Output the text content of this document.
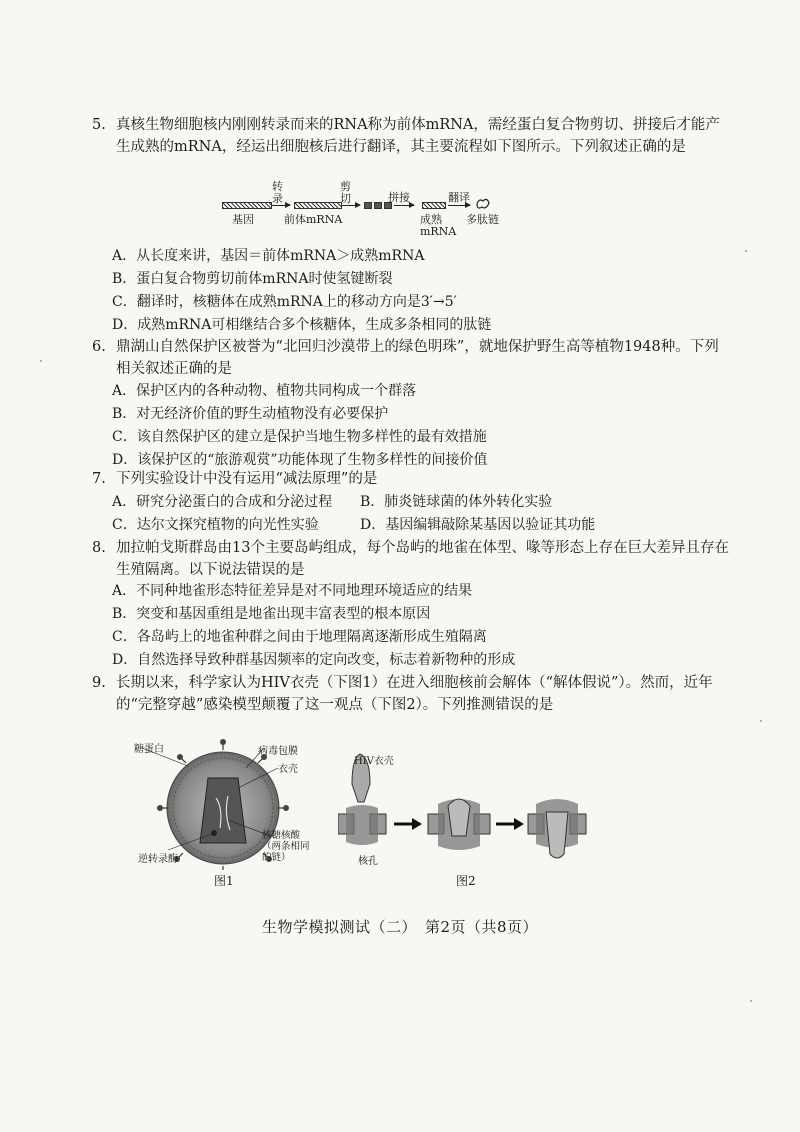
5. 真核生物细胞核内刚刚转录而来的RNA称为前体mRNA，需经蛋白复合物剪切、拼接后才能产生成熟的mRNA，经运出细胞核后进行翻译，其主要流程如下图所示。下列叙述正确的是
基因
转录
前体mRNA
剪切	拼接
成熟mRNA
翻译
多肽链
A．从长度来讲，基因＝前体mRNA＞成熟mRNA
B．蛋白复合物剪切前体mRNA时使氢键断裂
C．翻译时，核糖体在成熟mRNA上的移动方向是3′→5′
D．成熟mRNA可相继结合多个核糖体，生成多条相同的肽链
6. 鼎湖山自然保护区被誉为“北回归沙漠带上的绿色明珠”，就地保护野生高等植物1948种。下列相关叙述正确的是
A．保护区内的各种动物、植物共同构成一个群落
B．对无经济价值的野生动植物没有必要保护
C．该自然保护区的建立是保护当地生物多样性的最有效措施
D．该保护区的“旅游观赏”功能体现了生物多样性的间接价值
7. 下列实验设计中没有运用“减法原理”的是
A．研究分泌蛋白的合成和分泌过程 B．肺炎链球菌的体外转化实验
C．达尔文探究植物的向光性实验	D．基因编辑敲除某基因以验证其功能
8. 加拉帕戈斯群岛由13个主要岛屿组成，每个岛屿的地雀在体型、喙等形态上存在巨大差异且存在生殖隔离。以下说法错误的是
A．不同种地雀形态特征差异是对不同地理环境适应的结果
B．突变和基因重组是地雀出现丰富表型的根本原因
C．各岛屿上的地雀种群之间由于地理隔离逐渐形成生殖隔离
D．自然选择导致种群基因频率的定向改变，标志着新物种的形成
9. 长期以来，科学家认为HIV衣壳（下图1）在进入细胞核前会解体（“解体假说”）。然而，近年的“完整穿越”感染模型颠覆了这一观点（下图2）。下列推测错误的是
糖蛋白	病毒包膜
衣壳
逆转录酶
核糖核酸
（两条相同
的链）
图1
HIV衣壳
核孔
图2
生物学模拟测试（二）　第2页（共8页）
